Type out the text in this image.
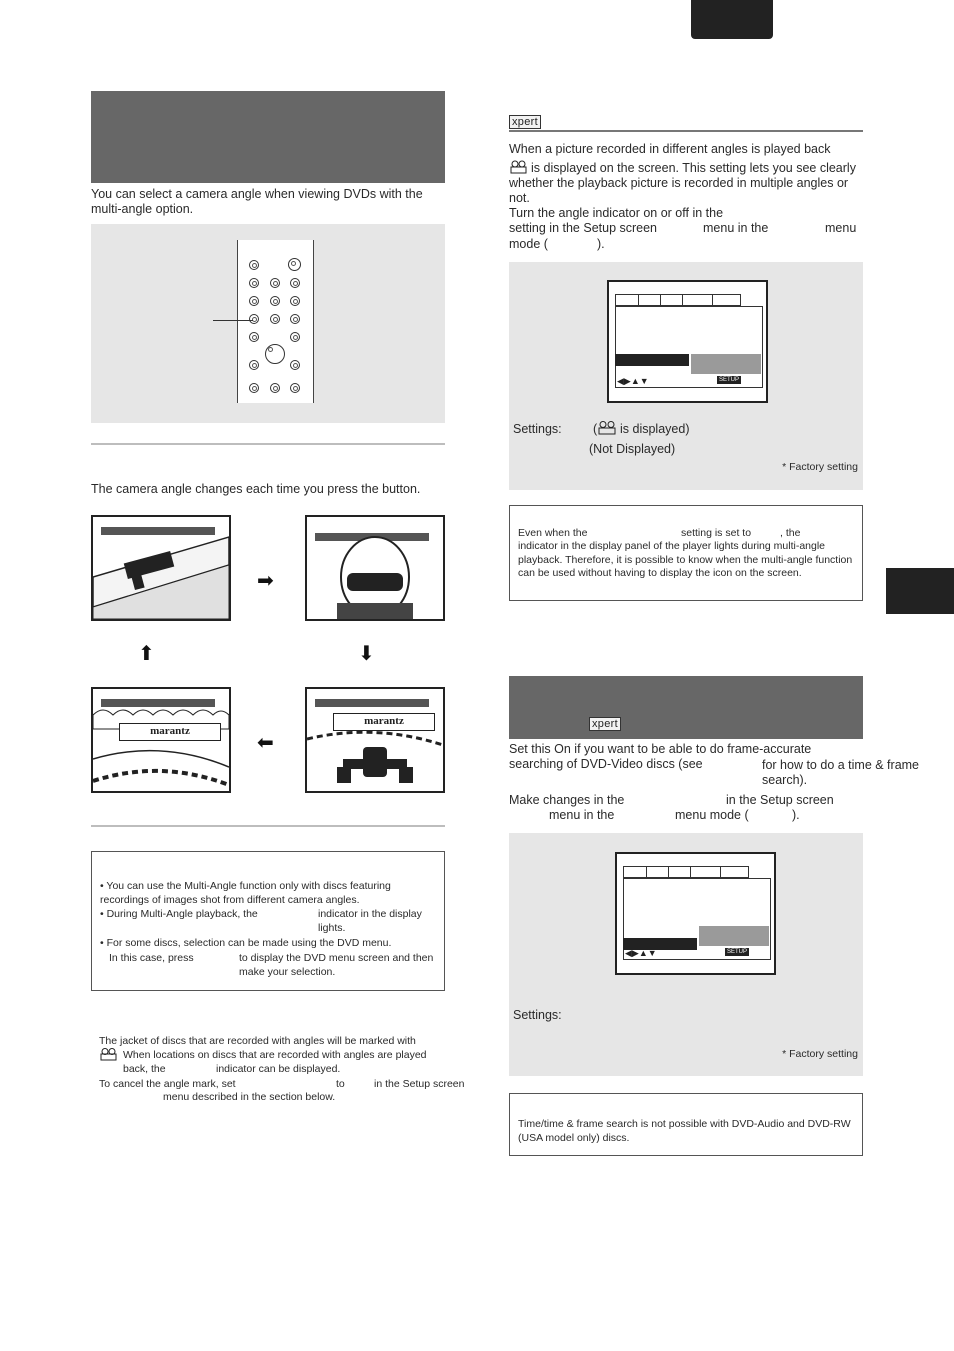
You can select a camera angle when viewing DVDs with the multi-angle option.
The camera angle changes each time you press the button.
➡
⬆	⬇
marantz
marantz
⬅
• You can use the Multi-Angle function only with discs featuring recordings of images shot from different camera angles.
• During Multi-Angle playback, the	indicator in the display lights.
• For some discs, selection can be made using the DVD menu.
In this case, press	to display the DVD menu screen and then make your selection.
The jacket of discs that are recorded with angles will be marked with
When locations on discs that are recorded with angles are played back, the	indicator can be displayed.
To cancel the angle mark, set	to	in the Setup screen
menu described in the section below.
xpert
When a picture recorded in different angles is played back
is displayed on the screen. This setting lets you see clearly whether the playback picture is recorded in multiple angles or not.
Turn the angle indicator on or off in the
setting in the Setup screen	menu in the	menu
mode (	).
◀▶▲▼	SETUP
Settings:	( is displayed)
(Not Displayed)
* Factory setting
Even when the	setting is set to	, the
indicator in the display panel of the player lights during multi-angle playback. Therefore, it is possible to know when the multi-angle function can be used without having to display the icon on the screen.
xpert
Set this On if you want to be able to do frame-accurate searching of DVD-Video discs (see	for how to do a time & frame search).
Make changes in the	in the Setup screen
menu in the	menu mode (	).
◀▶▲▼	SETUP
Settings:
* Factory setting
Time/time & frame search is not possible with DVD-Audio and DVD-RW (USA model only) discs.
